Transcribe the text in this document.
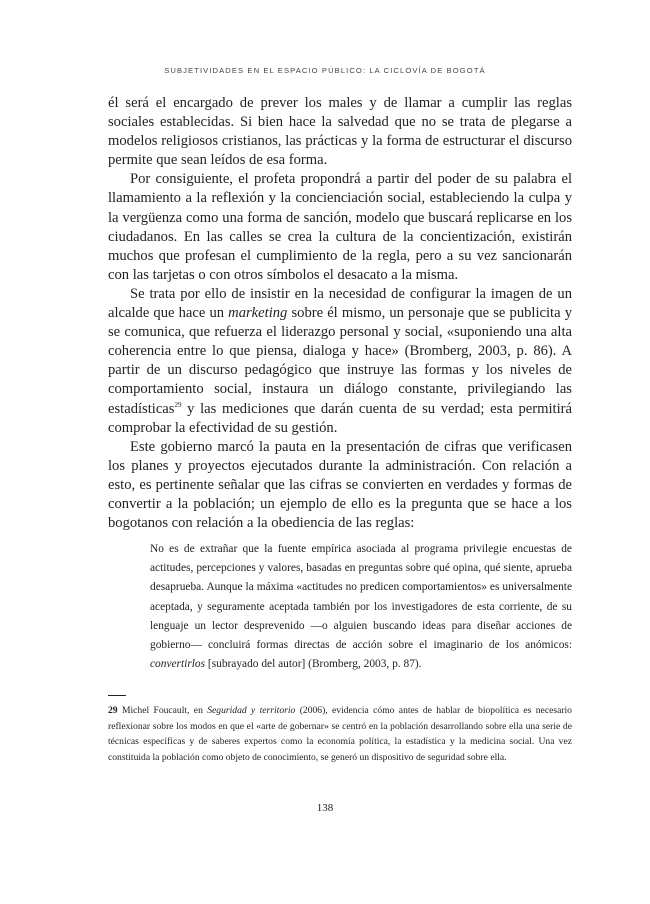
SUBJETIVIDADES EN EL ESPACIO PÚBLICO: LA CICLOVÍA DE BOGOTÁ

él será el encargado de prever los males y de llamar a cumplir las reglas sociales establecidas. Si bien hace la salvedad que no se trata de plegarse a modelos religiosos cristianos, las prácticas y la forma de estructurar el discurso permite que sean leídos de esa forma.

Por consiguiente, el profeta propondrá a partir del poder de su palabra el llamamiento a la reflexión y la concienciación social, estableciendo la culpa y la vergüenza como una forma de sanción, modelo que buscará replicarse en los ciudadanos. En las calles se crea la cultura de la concientización, existirán muchos que profesan el cumplimiento de la regla, pero a su vez sancionarán con las tarjetas o con otros símbolos el desacato a la misma.

Se trata por ello de insistir en la necesidad de configurar la imagen de un alcalde que hace un marketing sobre él mismo, un personaje que se publicita y se comunica, que refuerza el liderazgo personal y social, «suponiendo una alta coherencia entre lo que piensa, dialoga y hace» (Bromberg, 2003, p. 86). A partir de un discurso pedagógico que instruye las formas y los niveles de comportamiento social, instaura un diálogo constante, privilegiando las estadísticas$^{29}$ y las mediciones que darán cuenta de su verdad; esta permitirá comprobar la efectividad de su gestión.

Este gobierno marcó la pauta en la presentación de cifras que verificasen los planes y proyectos ejecutados durante la administración. Con relación a esto, es pertinente señalar que las cifras se convierten en verdades y formas de convertir a la población; un ejemplo de ello es la pregunta que se hace a los bogotanos con relación a la obediencia de las reglas:

No es de extrañar que la fuente empírica asociada al programa privilegie encuestas de actitudes, percepciones y valores, basadas en preguntas sobre qué opina, qué siente, aprueba desaprueba. Aunque la máxima «actitudes no predicen comportamientos» es universalmente aceptada, y seguramente aceptada también por los investigadores de esta corriente, de su lenguaje un lector desprevenido —o alguien buscando ideas para diseñar acciones de gobierno— concluirá formas directas de acción sobre el imaginario de los anómicos: convertirlos [subrayado del autor] (Bromberg, 2003, p. 87).
29 Michel Foucault, en Seguridad y territorio (2006), evidencia cómo antes de hablar de biopolítica es necesario reflexionar sobre los modos en que el «arte de gobernar» se centró en la población desarrollando sobre ella una serie de técnicas específicas y de saberes expertos como la economía política, la estadística y la medicina social. Una vez constituida la población como objeto de conocimiento, se generó un dispositivo de seguridad sobre ella.
138
